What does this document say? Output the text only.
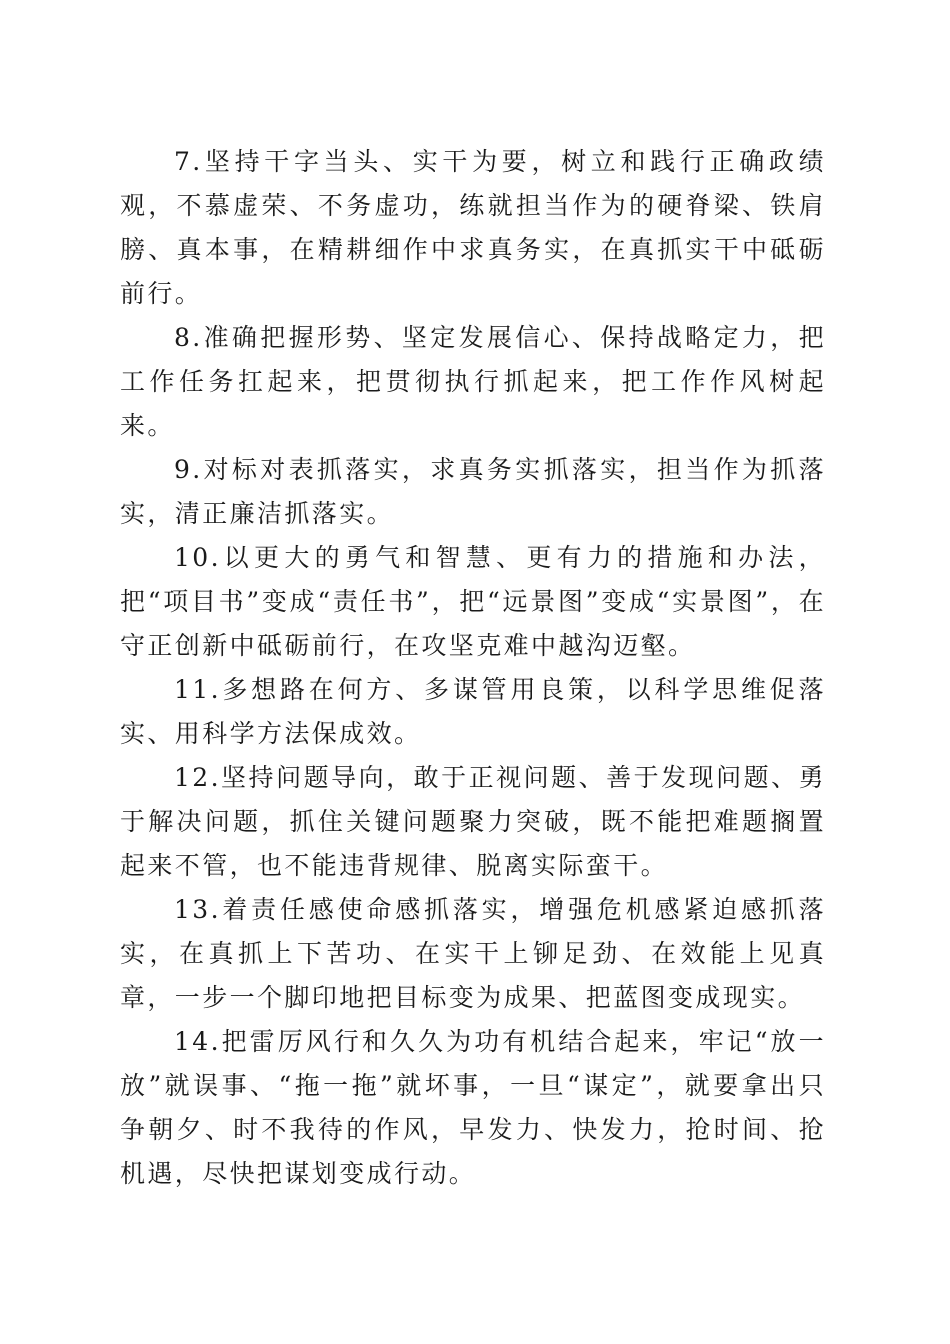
7.坚持干字当头、实干为要，树立和践行正确政绩观，不慕虚荣、不务虚功，练就担当作为的硬脊梁、铁肩膀、真本事，在精耕细作中求真务实，在真抓实干中砥砺前行。

8.准确把握形势、坚定发展信心、保持战略定力，把工作任务扛起来，把贯彻执行抓起来，把工作作风树起来。

9.对标对表抓落实，求真务实抓落实，担当作为抓落实，清正廉洁抓落实。

10.以更大的勇气和智慧、更有力的措施和办法，把“项目书”变成“责任书”，把“远景图”变成“实景图”，在守正创新中砥砺前行，在攻坚克难中越沟迈壑。

11.多想路在何方、多谋管用良策，以科学思维促落实、用科学方法保成效。

12.坚持问题导向，敢于正视问题、善于发现问题、勇于解决问题，抓住关键问题聚力突破，既不能把难题搁置起来不管，也不能违背规律、脱离实际蛮干。

13.着责任感使命感抓落实，增强危机感紧迫感抓落实，在真抓上下苦功、在实干上铆足劲、在效能上见真章，一步一个脚印地把目标变为成果、把蓝图变成现实。

14.把雷厉风行和久久为功有机结合起来，牢记“放一放”就误事、“拖一拖”就坏事，一旦“谋定”，就要拿出只争朝夕、时不我待的作风，早发力、快发力，抢时间、抢机遇，尽快把谋划变成行动。
